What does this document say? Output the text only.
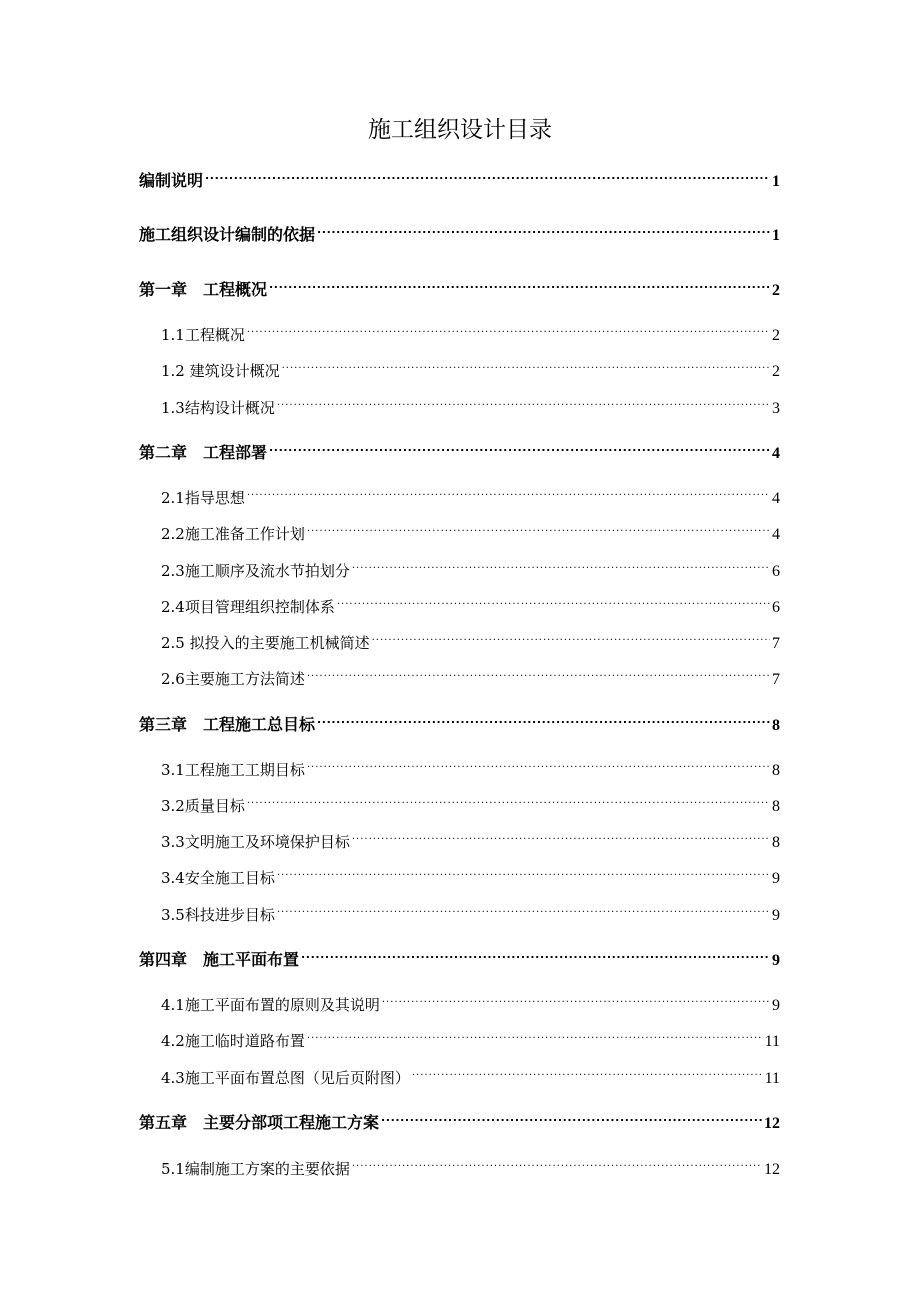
施工组织设计目录
编制说明 .....	1
施工组织设计编制的依据 .....	1
第一章　工程概况 .....	2
1.1工程概况 .....	2
1.2 建筑设计概况 .....	2
1.3结构设计概况 .....	3
第二章　工程部署 .....	4
2.1指导思想 .....	4
2.2施工准备工作计划 .....	4
2.3施工顺序及流水节拍划分 .....	6
2.4项目管理组织控制体系 .....	6
2.5 拟投入的主要施工机械简述 .....	7
2.6主要施工方法简述 .....	7
第三章　工程施工总目标 .....	8
3.1工程施工工期目标 .....	8
3.2质量目标 .....	8
3.3文明施工及环境保护目标 .....	8
3.4安全施工目标 .....	9
3.5科技进步目标 .....	9
第四章　施工平面布置 .....	9
4.1施工平面布置的原则及其说明 .....	9
4.2施工临时道路布置 .....	11
4.3施工平面布置总图（见后页附图） .....	11
第五章　主要分部项工程施工方案 .....	12
5.1编制施工方案的主要依据 .....	12
